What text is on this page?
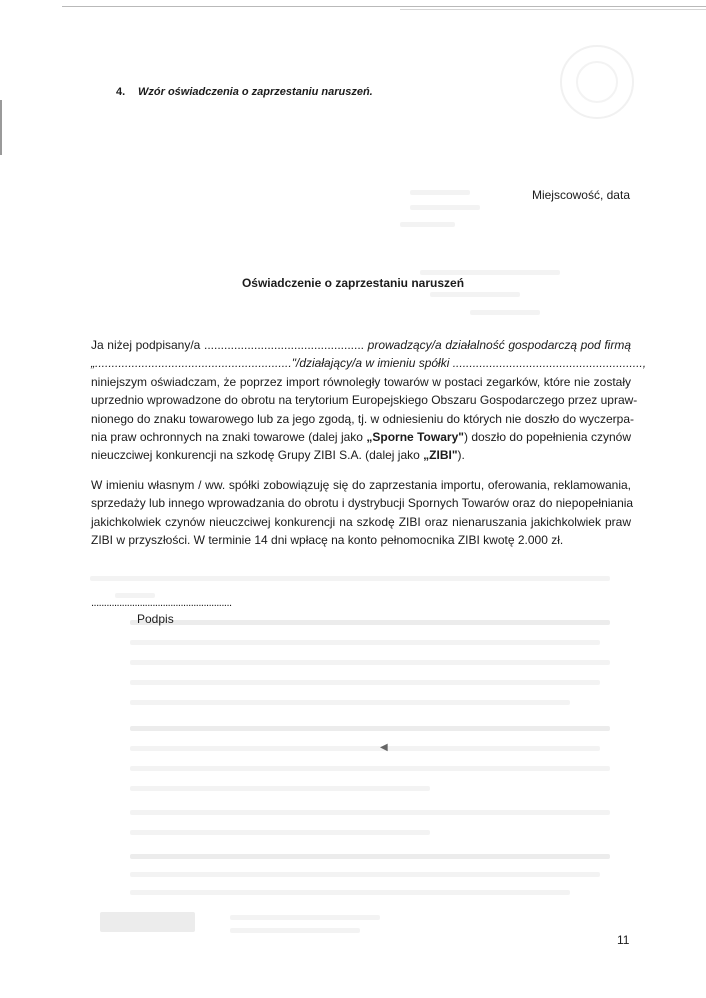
4. Wzór oświadczenia o zaprzestaniu naruszeń.
Miejscowość, data
Oświadczenie o zaprzestaniu naruszeń
Ja niżej podpisany/a ................................................ prowadzący/a działalność gospodarczą pod firmą
„..........................................................."/działający/a w imieniu spółki .........................................................,
niniejszym oświadczam, że poprzez import równoległy towarów w postaci zegarków, które nie zostały
uprzednio wprowadzone do obrotu na terytorium Europejskiego Obszaru Gospodarczego przez upraw-
nionego do znaku towarowego lub za jego zgodą, tj. w odniesieniu do których nie doszło do wyczerpa-
nia praw ochronnych na znaki towarowe (dalej jako „Sporne Towary") doszło do popełnienia czynów
nieuczciwej konkurencji na szkodę Grupy ZIBI S.A. (dalej jako „ZIBI").
W imieniu własnym / ww. spółki zobowiązuję się do zaprzestania importu, oferowania, reklamowania,
sprzedaży lub innego wprowadzania do obrotu i dystrybucji Spornych Towarów oraz do niepopełniania
jakichkolwiek czynów nieuczciwej konkurencji na szkodę ZIBI oraz nienaruszania jakichkolwiek praw
ZIBI w przyszłości. W terminie 14 dni wpłacę na konto pełnomocnika ZIBI kwotę 2.000 zł.
.......................................................
Podpis
◀
11
